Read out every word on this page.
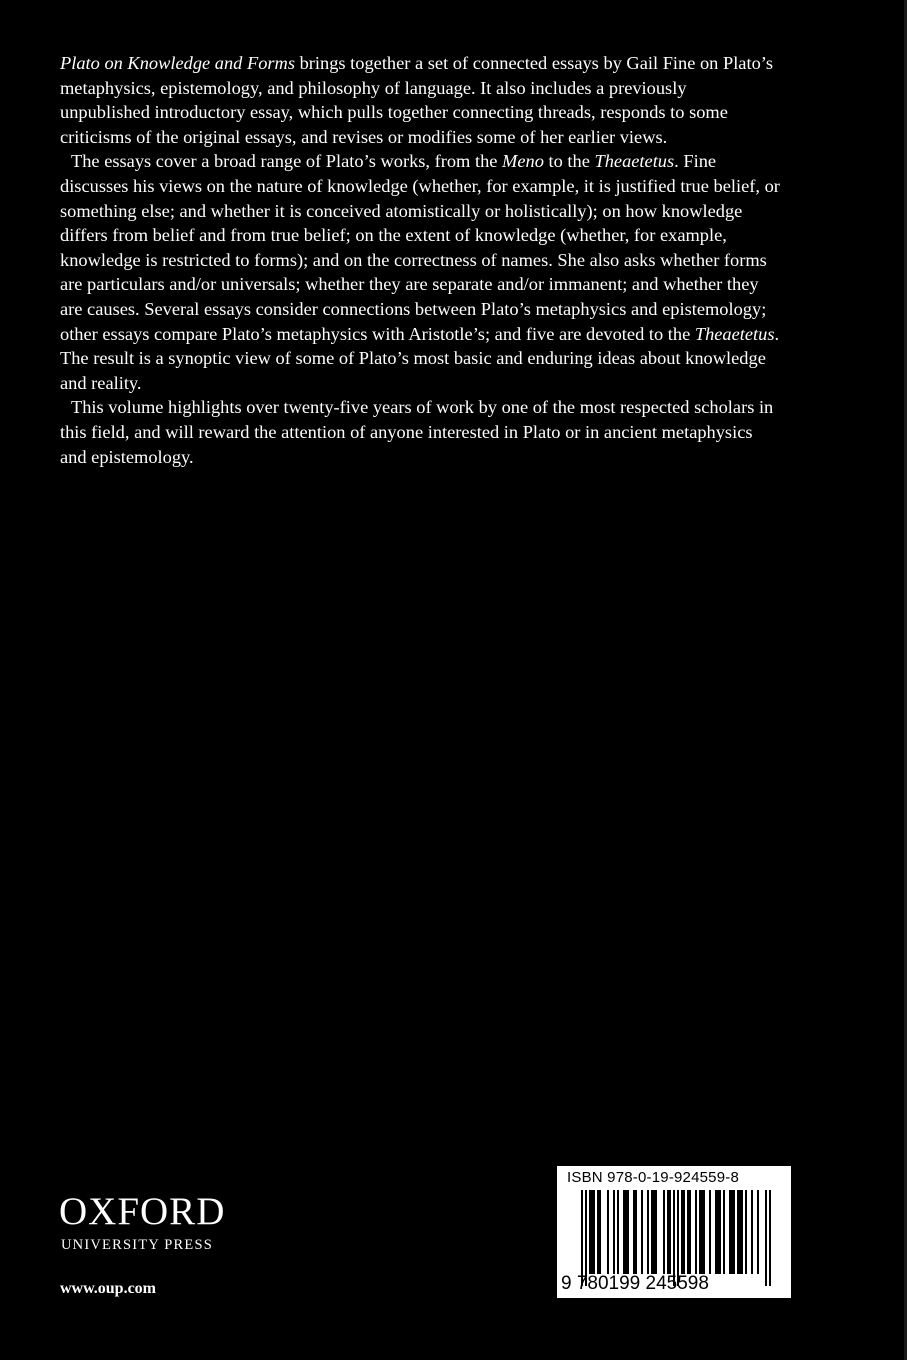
Plato on Knowledge and Forms brings together a set of connected essays by Gail Fine on Plato’s metaphysics, epistemology, and philosophy of language. It also includes a previously unpublished introductory essay, which pulls together connecting threads, responds to some criticisms of the original essays, and revises or modifies some of her earlier views.

The essays cover a broad range of Plato’s works, from the Meno to the Theaetetus. Fine discusses his views on the nature of knowledge (whether, for example, it is justified true belief, or something else; and whether it is conceived atomistically or holistically); on how knowledge differs from belief and from true belief; on the extent of knowledge (whether, for example, knowledge is restricted to forms); and on the correctness of names. She also asks whether forms are particulars and/or universals; whether they are separate and/or immanent; and whether they are causes. Several essays consider connections between Plato’s metaphysics and epistemology; other essays compare Plato’s metaphysics with Aristotle’s; and five are devoted to the Theaetetus. The result is a synoptic view of some of Plato’s most basic and enduring ideas about knowledge and reality.

This volume highlights over twenty-five years of work by one of the most respected scholars in this field, and will reward the attention of anyone interested in Plato or in ancient metaphysics and epistemology.

OXFORD
UNIVERSITY PRESS
www.oup.com
ISBN 978-0-19-924559-8
9 780199 245598
